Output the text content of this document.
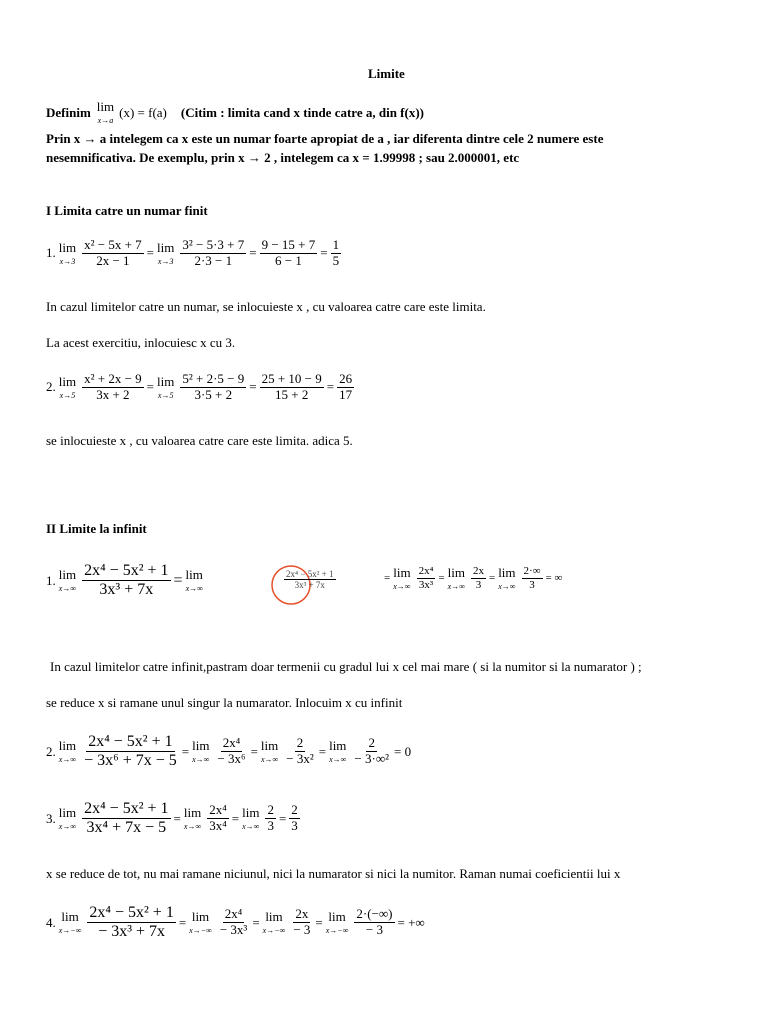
Limite
Definim lim
x→a
(x) = f(a) (Citim : limita cand x tinde catre a, din f(x))
Prin x → a intelegem ca x este un numar foarte apropiat de a , iar diferenta dintre cele 2 numere este
nesemnificativa. De exemplu, prin x → 2 , intelegem ca x = 1.99998 ; sau 2.000001, etc
I Limita catre un numar finit
1. lim
$x\to 3 \frac{\text{x² − 5x + 7}}{2x - 1} = \lim$
$x\to 3 \frac{\text{3² − 5·3 + 7}}{2\cdot 3 - 1} = \frac{9 - 15 + 7}{6 - 1} = \frac{1}{5}$
In cazul limitelor catre un numar, se inlocuieste x , cu valoarea catre care este limita.
La acest exercitiu, inlocuiesc x cu 3.
2. lim
$x\to 5 \frac{\text{x² + 2x − 9}}{3x + 2} = \lim$
$x\to 5 \frac{\text{5² + 2·5 − 9}}{3\cdot 5 + 2} = \frac{25 + 10 - 9}{15 + 2} = \frac{26}{17}$
se inlocuieste x , cu valoarea catre care este limita. adica 5.
II Limite la infinit
1. lim
$x\to\infty \frac{\text{2x⁴ − 5x² + 1}}{\text{3x³ + 7x}} = \lim$
x→∞	$\frac{\text{2x⁴ − 5x² + 1}}{\text{3x³ + 7x}}$	= lim
$x\to\infty \frac{\text{2x⁴}}{\text{3x³}} = \lim$
$x\to\infty \frac{2x}{3} = \lim$
$x\to\infty \frac{2\cdot\infty}{3}$ = ∞
In cazul limitelor catre infinit,pastram doar termenii cu gradul lui x cel mai mare ( si la numitor si la numarator ) ;
se reduce x si ramane unul singur la numarator. Inlocuim x cu infinit
2. lim
$x\to\infty \frac{\text{2x⁴ − 5x² + 1}}{\text{− 3x⁶ + 7x − 5}} = \lim$
$x\to\infty \frac{\text{2x⁴}}{\text{− 3x⁶}} = \lim$
$x\to\infty \frac{2}{\text{− 3x²}} = \lim$
$x\to\infty \frac{2}{\text{− 3·∞²}} = 0$
3. lim
$x\to\infty \frac{\text{2x⁴ − 5x² + 1}}{\text{3x⁴ + 7x − 5}} = \lim$
$x\to\infty \frac{\text{2x⁴}}{\text{3x⁴}} = \lim$
$x\to\infty \frac{2}{3} = \frac{2}{3}$
x se reduce de tot, nu mai ramane niciunul, nici la numarator si nici la numitor. Raman numai coeficientii lui x
4. lim
$x\to-\infty \frac{\text{2x⁴ − 5x² + 1}}{\text{− 3x³ + 7x}} = \lim$
$x\to-\infty \frac{\text{2x⁴}}{\text{− 3x³}} = \lim$
$x\to-\infty \frac{2x}{- 3} = \lim$
$x\to-\infty \frac{2\cdot(-\infty)}{- 3}$ = +∞
